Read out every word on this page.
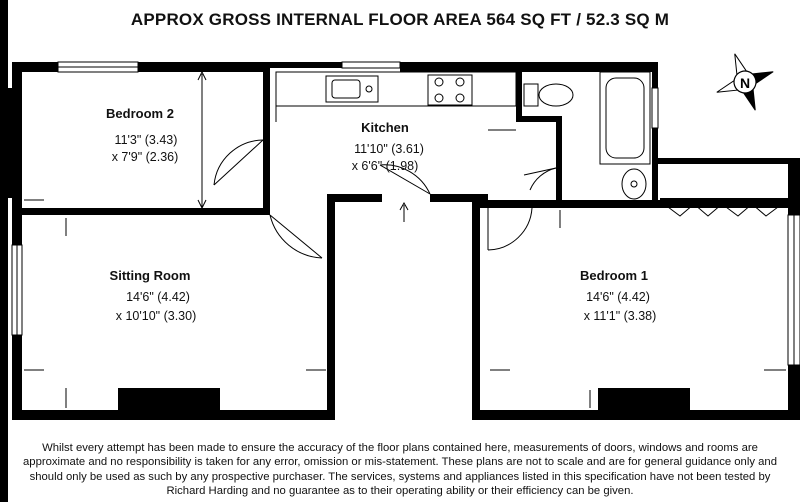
APPROX GROSS INTERNAL FLOOR AREA 564 SQ FT / 52.3 SQ M
Bedroom 2
11'3" (3.43)
x 7'9" (2.36)
Kitchen
11'10" (3.61)
x 6'6" (1.98)
Sitting Room
14'6" (4.42)
x 10'10" (3.30)
Bedroom 1
14'6" (4.42)
x 11'1" (3.38)
N
Whilst every attempt has been made to ensure the accuracy of the floor plans contained here, measurements of doors, windows and rooms are approximate and no responsibility is taken for any error, omission or mis-statement. These plans are not to scale and are for general guidance only and should only be used as such by any prospective purchaser. The services, systems and appliances listed in this specification have not been tested by Richard Harding and no guarantee as to their operating ability or their efficiency can be given.
